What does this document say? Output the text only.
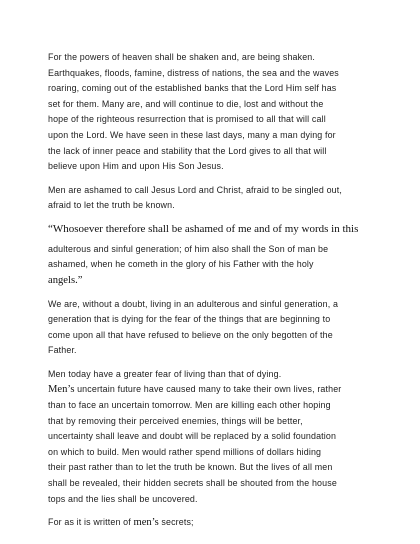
For the powers of heaven shall be shaken and, are being shaken.
Earthquakes, floods, famine, distress of nations, the sea and the waves
roaring, coming out of the established banks that the Lord Him self has
set for them. Many are, and will continue to die, lost and without the
hope of the righteous resurrection that is promised to all that will call
upon the Lord. We have seen in these last days, many a man dying for
the lack of inner peace and stability that the Lord gives to all that will
believe upon Him and upon His Son Jesus.

Men are ashamed to call Jesus Lord and Christ, afraid to be singled out,
afraid to let the truth be known.

“Whosoever therefore shall be ashamed of me and of my words in this

adulterous and sinful generation; of him also shall the Son of man be
ashamed, when he cometh in the glory of his Father with the holy
angels.”

We are, without a doubt, living in an adulterous and sinful generation, a
generation that is dying for the fear of the things that are beginning to
come upon all that have refused to believe on the only begotten of the
Father.

Men today have a greater fear of living than that of dying.

Men’s uncertain future have caused many to take their own lives, rather
than to face an uncertain tomorrow. Men are killing each other hoping
that by removing their perceived enemies, things will be better,
uncertainty shall leave and doubt will be replaced by a solid foundation
on which to build. Men would rather spend millions of dollars hiding
their past rather than to let the truth be known. But the lives of all men
shall be revealed, their hidden secrets shall be shouted from the house
tops and the lies shall be uncovered.

For as it is written of men’s secrets;
